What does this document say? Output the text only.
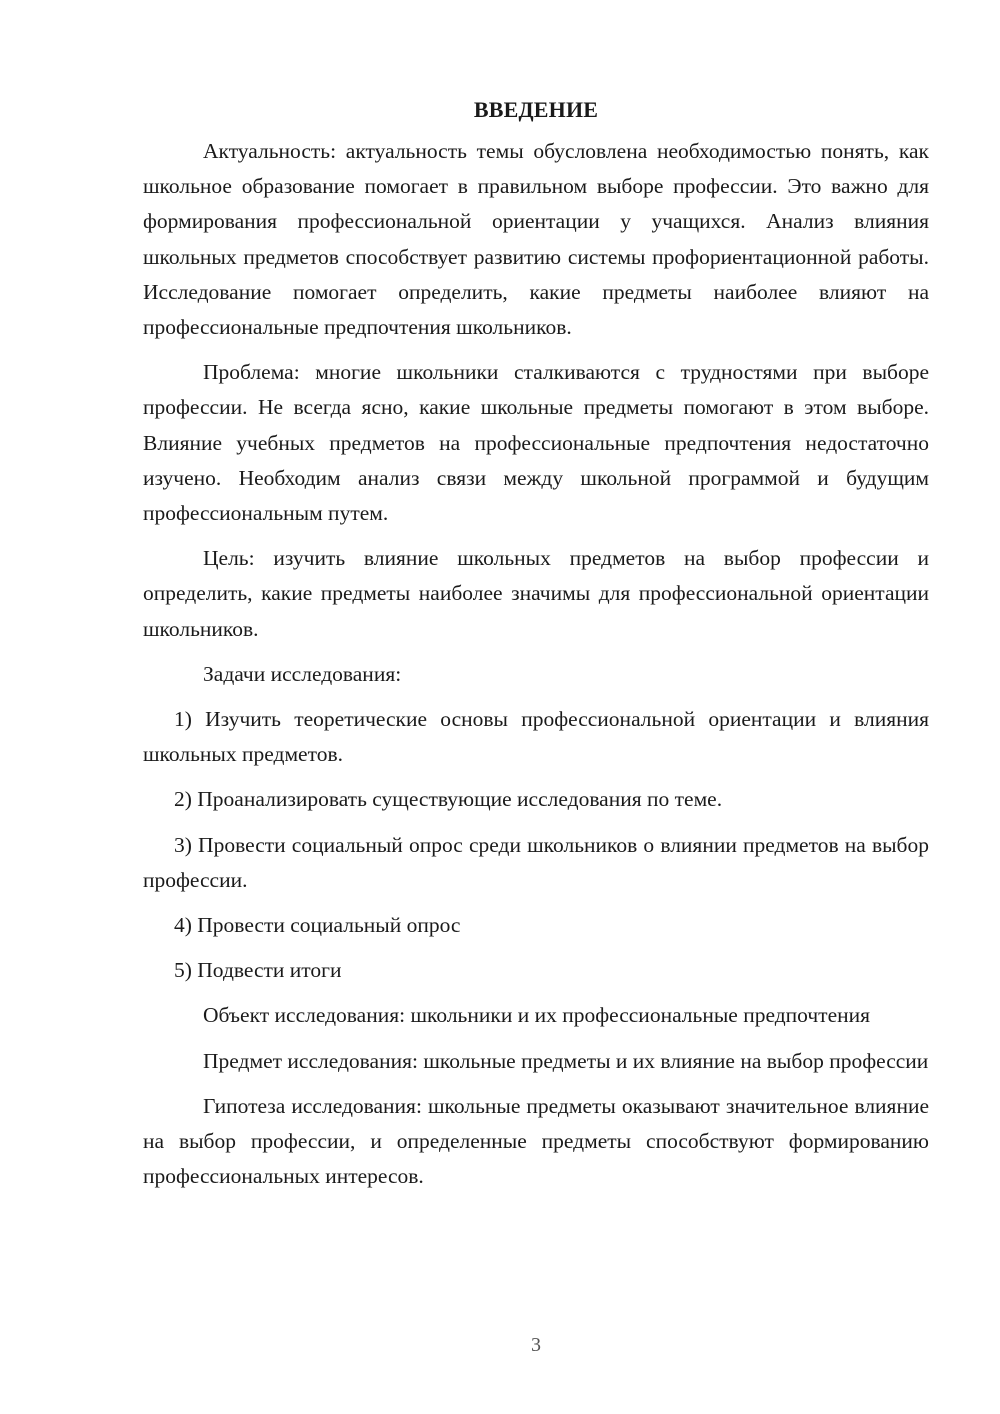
ВВЕДЕНИЕ

Актуальность: актуальность темы обусловлена необходимостью понять, как школьное образование помогает в правильном выборе профессии. Это важно для формирования профессиональной ориентации у учащихся. Анализ влияния школьных предметов способствует развитию системы профориентационной работы. Исследование помогает определить, какие предметы наиболее влияют на профессиональные предпочтения школьников.

Проблема: многие школьники сталкиваются с трудностями при выборе профессии. Не всегда ясно, какие школьные предметы помогают в этом выборе. Влияние учебных предметов на профессиональные предпочтения недостаточно изучено. Необходим анализ связи между школьной программой и будущим профессиональным путем.

Цель: изучить влияние школьных предметов на выбор профессии и определить, какие предметы наиболее значимы для профессиональной ориентации школьников.

Задачи исследования:

1) Изучить теоретические основы профессиональной ориентации и влияния школьных предметов.

2) Проанализировать существующие исследования по теме.

3) Провести социальный опрос среди школьников о влиянии предметов на выбор профессии.

4) Провести социальный опрос

5) Подвести итоги

Объект исследования: школьники и их профессиональные предпочтения

Предмет исследования: школьные предметы и их влияние на выбор профессии

Гипотеза исследования: школьные предметы оказывают значительное влияние на выбор профессии, и определенные предметы способствуют формированию профессиональных интересов.

3
